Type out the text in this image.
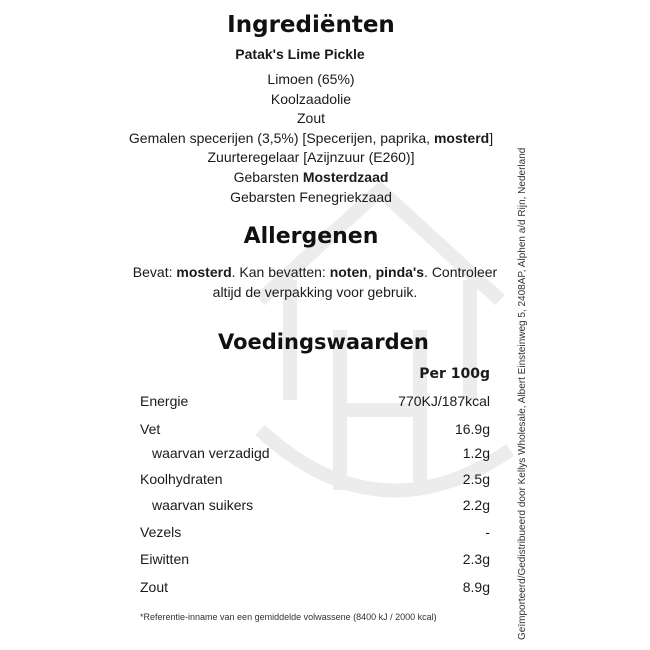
Ingrediënten
Patak's Lime Pickle
Limoen (65%)
Koolzaadolie
Zout
Gemalen specerijen (3,5%) [Specerijen, paprika, mosterd]
Zuurteregelaar [Azijnzuur (E260)]
Gebarsten Mosterdzaad
Gebarsten Fenegriekzaad
Allergenen
Bevat: mosterd. Kan bevatten: noten, pinda's. Controleer altijd de verpakking voor gebruik.
Voedingswaarden
Per 100g
Energie	770KJ/187kcal
Vet	16.9g
waarvan verzadigd	1.2g
Koolhydraten	2.5g
waarvan suikers	2.2g
Vezels	-
Eiwitten	2.3g
Zout	8.9g
*Referentie-inname van een gemiddelde volwassene (8400 kJ / 2000 kcal)	Geïmporteerd/Gedistribueerd door Kellys Wholesale, Albert Einsteinweg 5, 2408AP, Alphen a/d Rijn, Nederland
